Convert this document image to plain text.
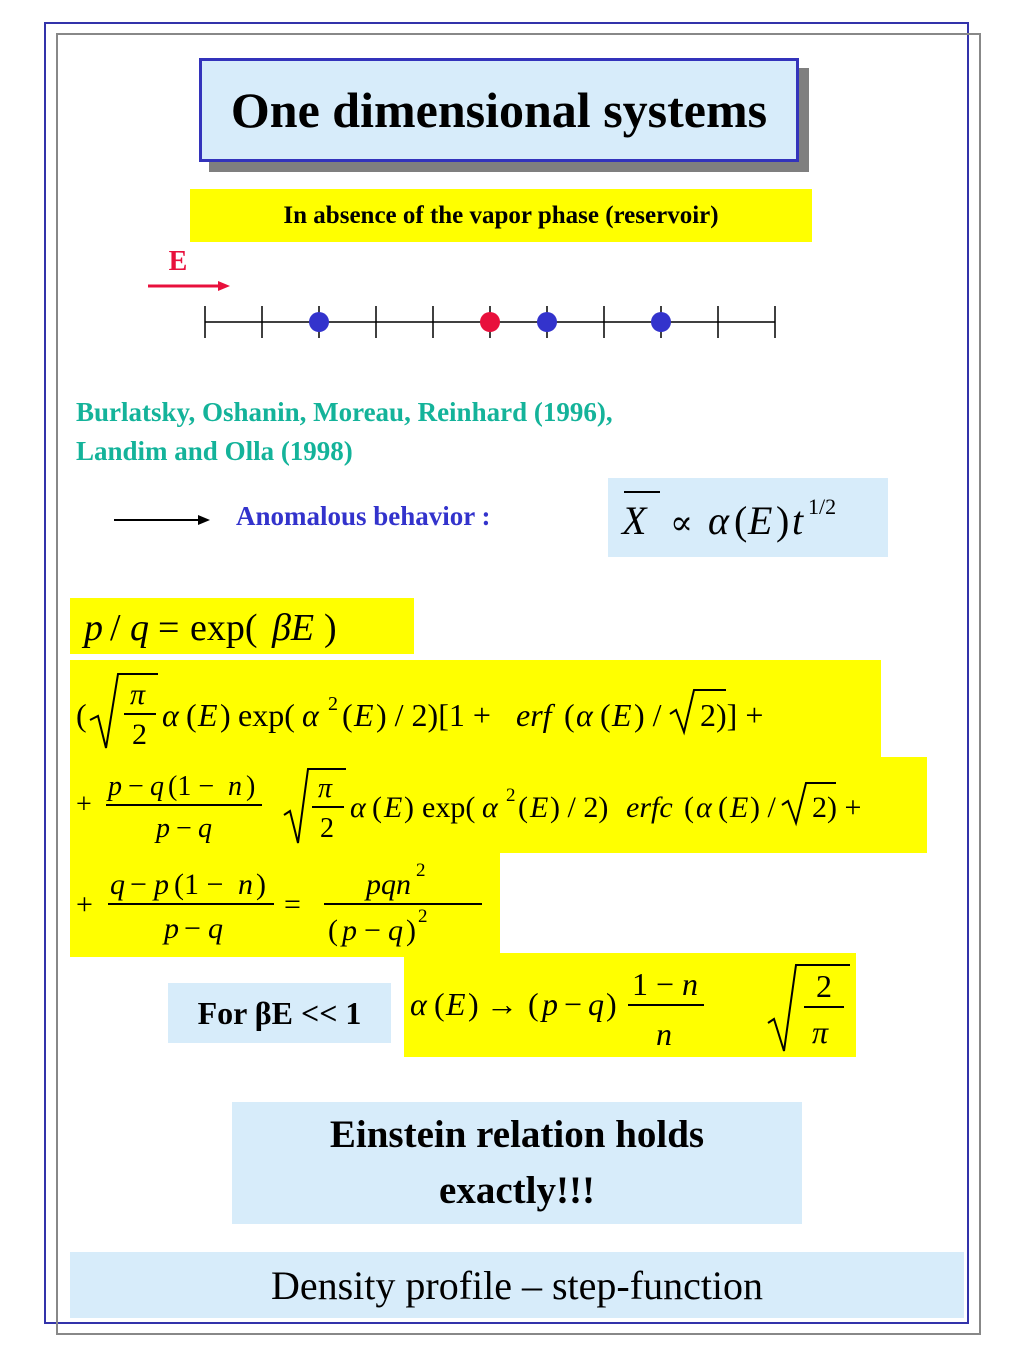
One dimensional systems
In absence of the vapor phase (reservoir)
E
Burlatsky, Oshanin, Moreau, Reinhard (1996),
Landim and Olla (1998)
Anomalous behavior :	X ∝ α ( E ) t 1/2
p / q = exp( βE )
(
π
2
α ( E ) exp( α 2 ( E ) / 2)[1 + erf ( α ( E ) / 2)] +
+
p − q (1 − n )
p − q
π
2
α ( E ) exp( α 2 ( E ) / 2) erfc ( α ( E ) / 2) +
+
q − p (1 − n )
p − q
=
pqn 2
( p − q ) 2
For βE << 1	α ( E ) → ( p − q )
1 − n
n
2
π
Einstein relation holds
exactly!!!
Density profile – step-function
